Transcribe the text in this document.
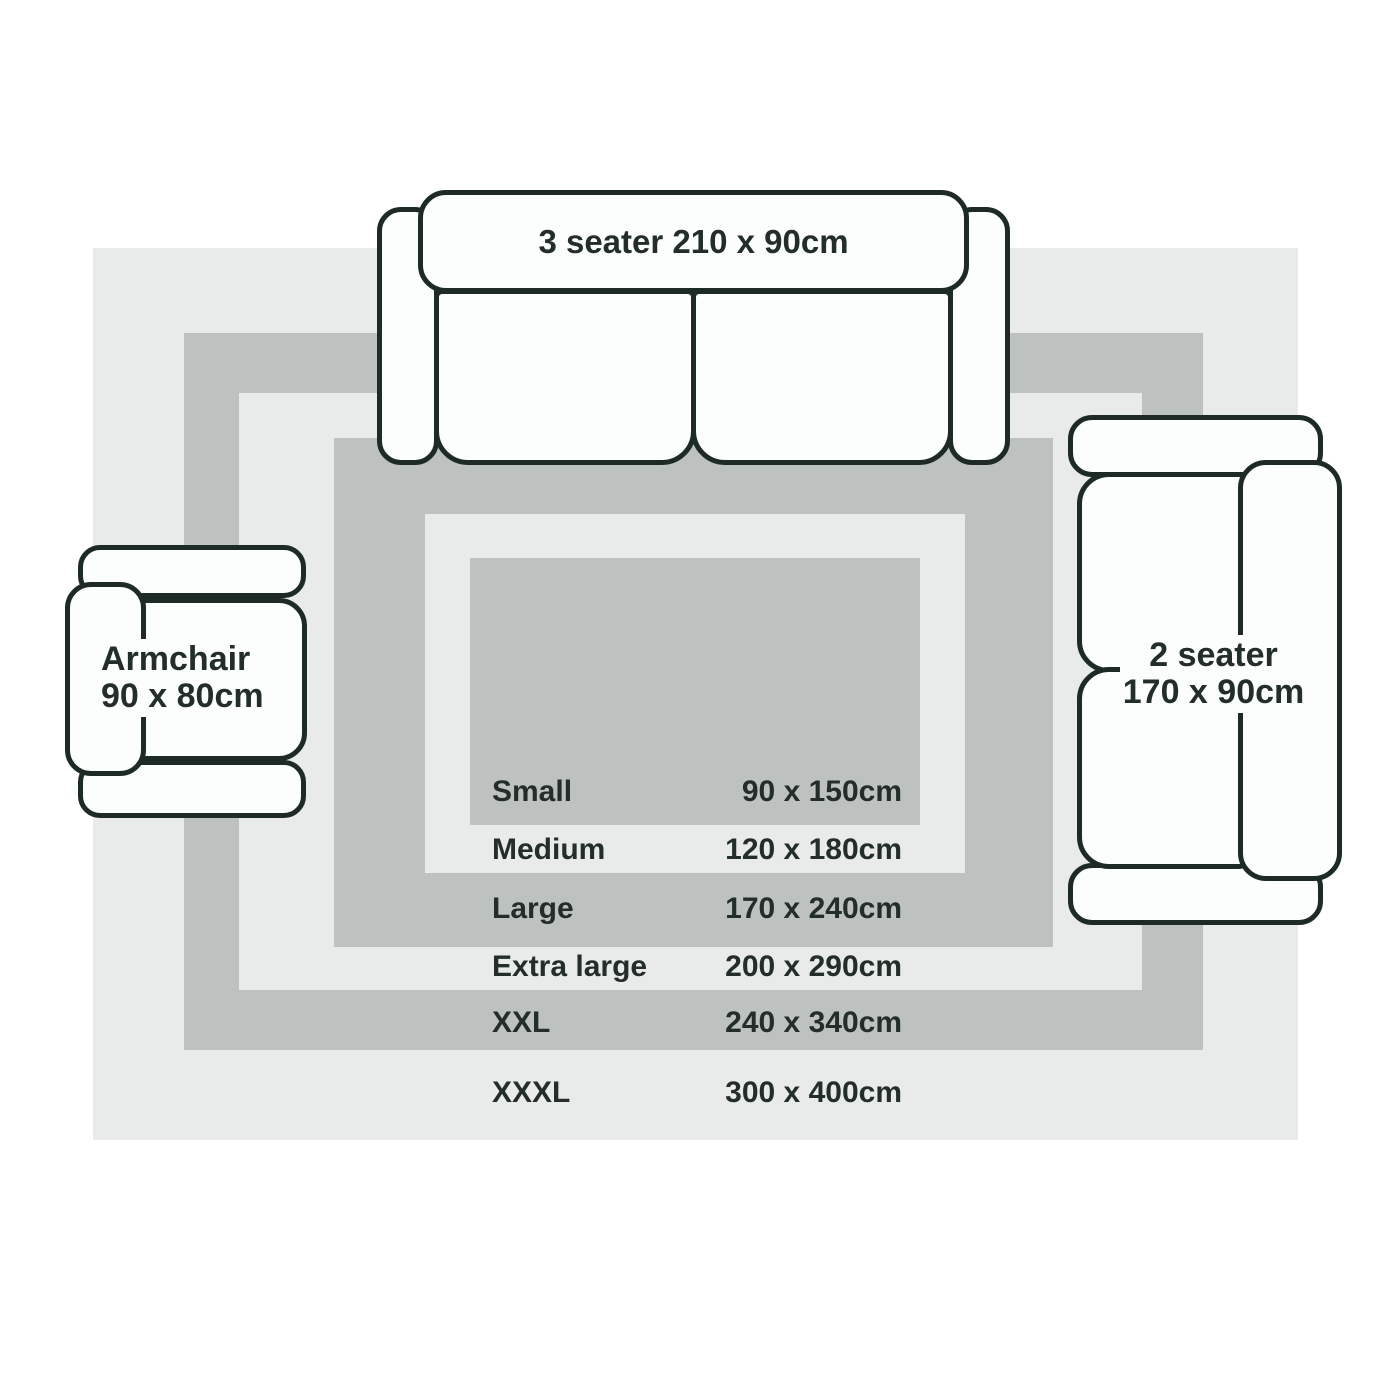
Small	90 x 150cm
Medium	120 x 180cm
Large	170 x 240cm
Extra large	200 x 290cm
XXL	240 x 340cm
XXXL	300 x 400cm
3 seater 210 x 90cm
2 seater
170 x 90cm
Armchair
90 x 80cm
